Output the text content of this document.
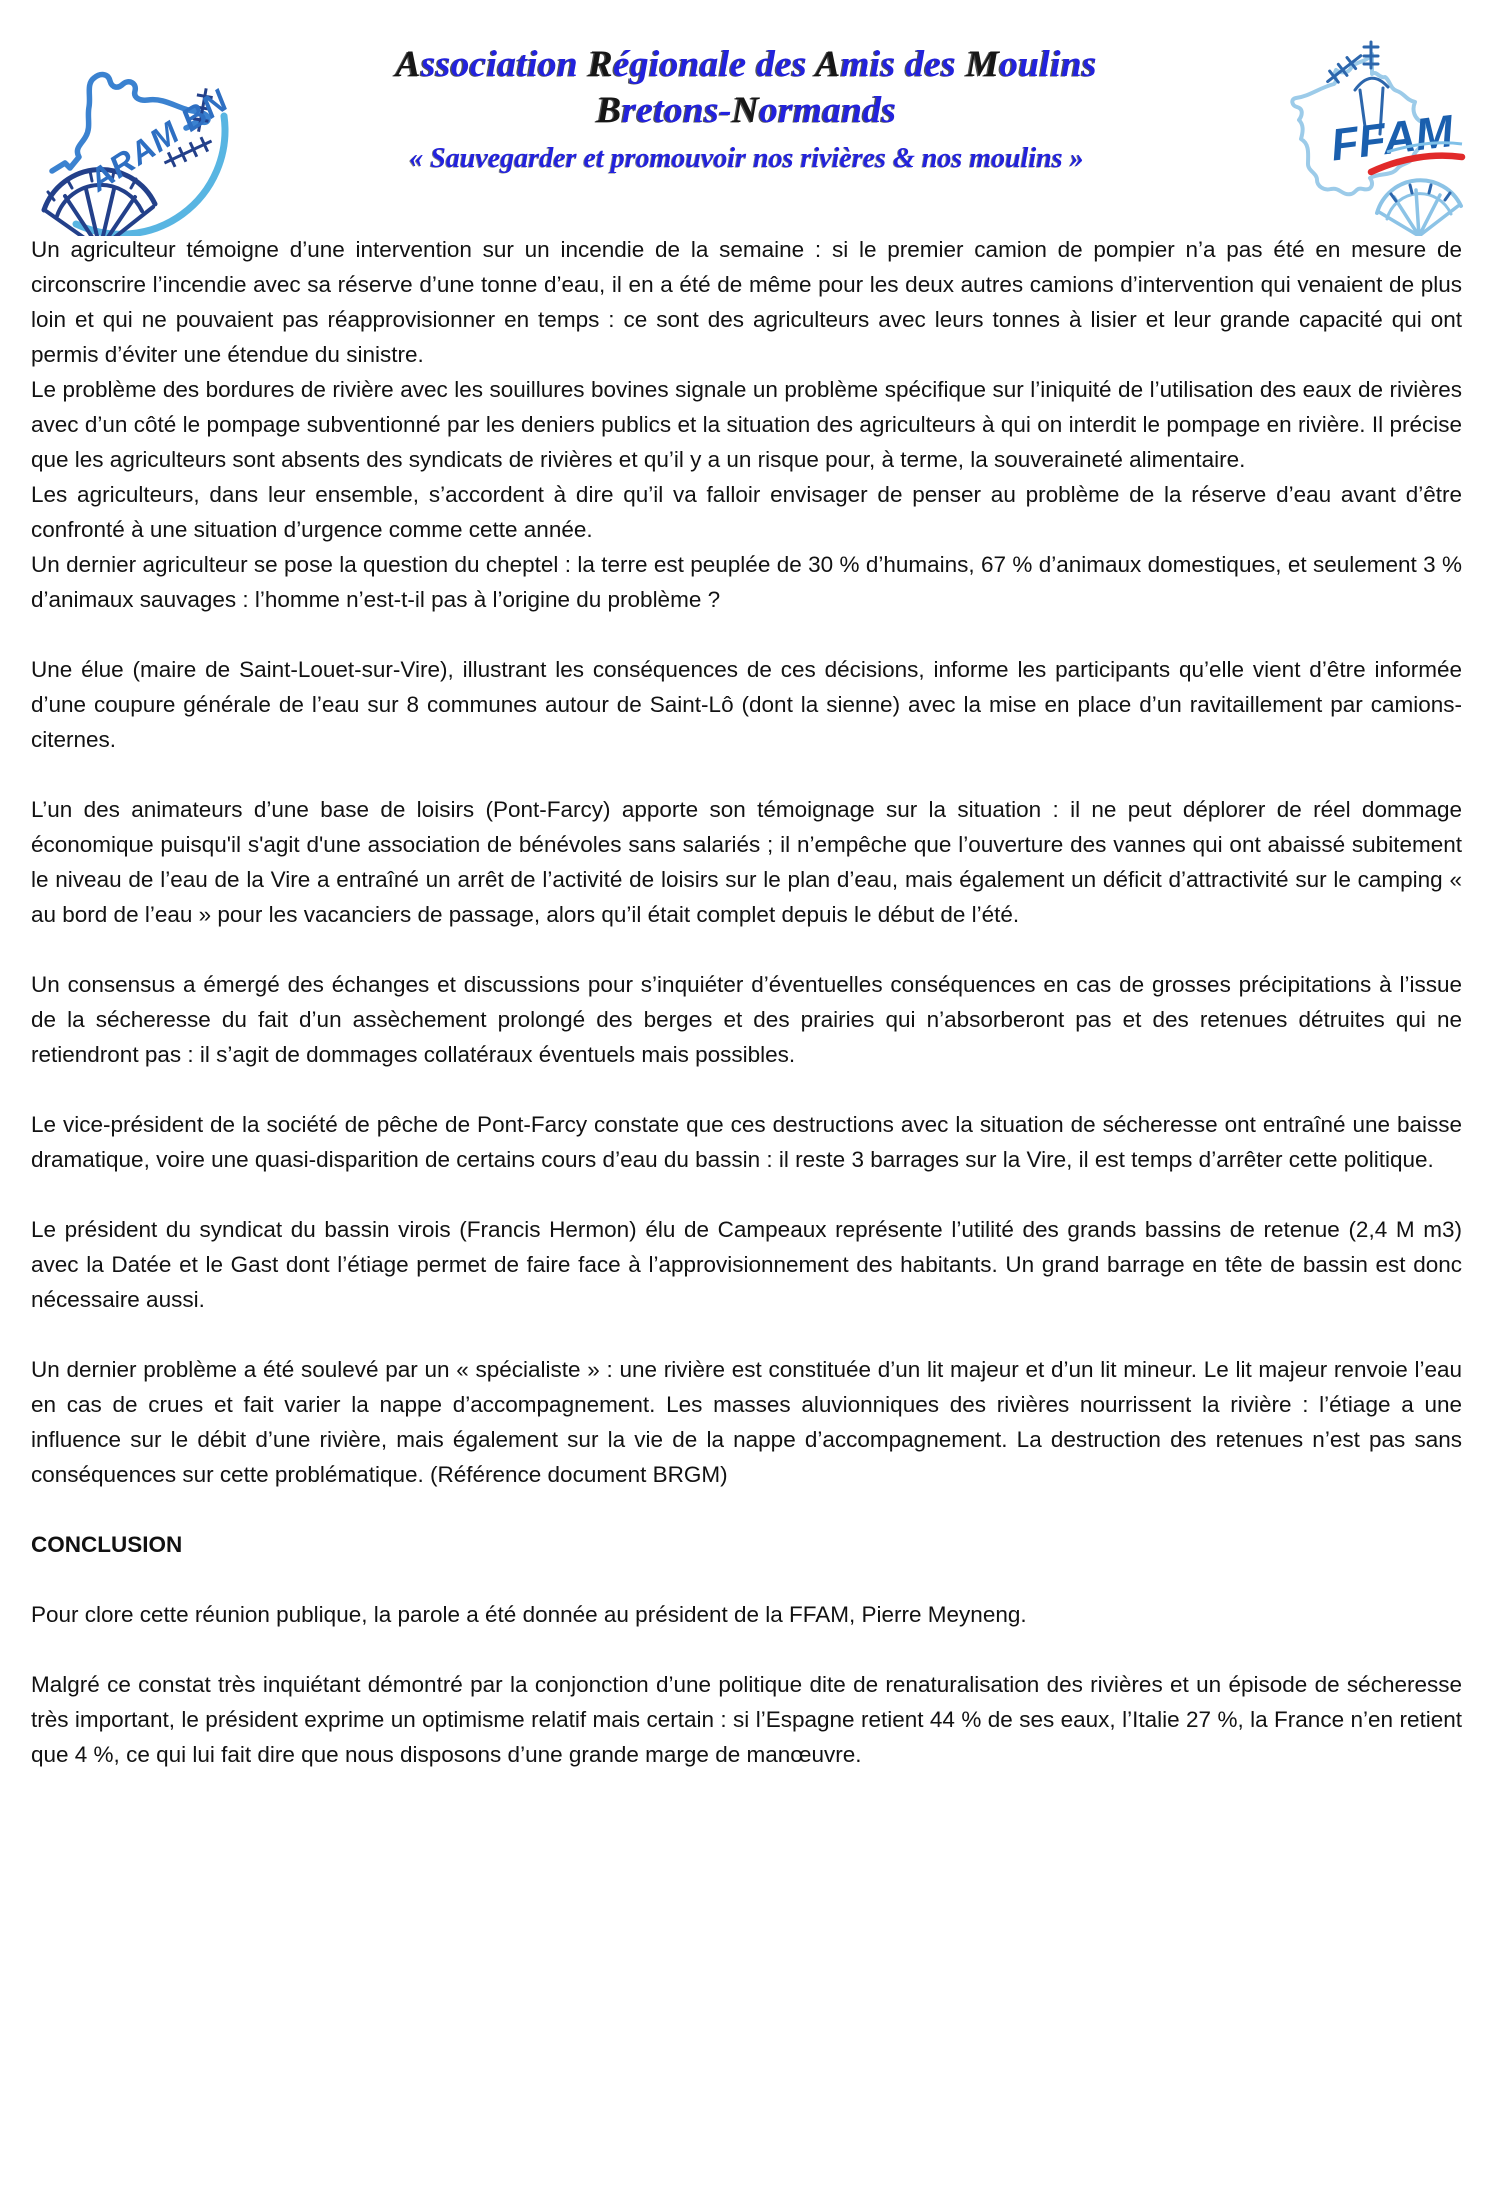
ARAM BN
Association Régionale des Amis des Moulins
Bretons-Normands
« Sauvegarder et promouvoir nos rivières & nos moulins »	FFAM

Un agriculteur témoigne d’une intervention sur un incendie de la semaine : si le premier camion de pompier n’a pas été en mesure de circonscrire l’incendie avec sa réserve d’une tonne d’eau, il en a été de même pour les deux autres camions d’intervention qui venaient de plus loin et qui ne pouvaient pas réapprovisionner en temps : ce sont des agriculteurs avec leurs tonnes à lisier et leur grande capacité qui ont permis d’éviter une étendue du sinistre.

Le problème des bordures de rivière avec les souillures bovines signale un problème spécifique sur l’iniquité de l’utilisation des eaux de rivières avec d’un côté le pompage subventionné par les deniers publics et la situation des agriculteurs à qui on interdit le pompage en rivière. Il précise que les agriculteurs sont absents des syndicats de rivières et qu’il y a un risque pour, à terme, la souveraineté alimentaire.

Les agriculteurs, dans leur ensemble, s’accordent à dire qu’il va falloir envisager de penser au problème de la réserve d’eau avant d’être confronté à une situation d’urgence comme cette année.

Un dernier agriculteur se pose la question du cheptel : la terre est peuplée de 30 % d’humains, 67 % d’animaux domestiques, et seulement 3 % d’animaux sauvages : l’homme n’est-t-il pas à l’origine du problème ?

Une élue (maire de Saint-Louet-sur-Vire), illustrant les conséquences de ces décisions, informe les participants qu’elle vient d’être informée d’une coupure générale de l’eau sur 8 communes autour de Saint-Lô (dont la sienne) avec la mise en place d’un ravitaillement par camions-citernes.

L’un des animateurs d’une base de loisirs (Pont-Farcy) apporte son témoignage sur la situation : il ne peut déplorer de réel dommage économique puisqu'il s'agit d'une association de bénévoles sans salariés ; il n’empêche que l’ouverture des vannes qui ont abaissé subitement le niveau de l’eau de la Vire a entraîné un arrêt de l’activité de loisirs sur le plan d’eau, mais également un déficit d’attractivité sur le camping « au bord de l’eau » pour les vacanciers de passage, alors qu’il était complet depuis le début de l’été.

Un consensus a émergé des échanges et discussions pour s’inquiéter d’éventuelles conséquences en cas de grosses précipitations à l’issue de la sécheresse du fait d’un assèchement prolongé des berges et des prairies qui n’absorberont pas et des retenues détruites qui ne retiendront pas : il s’agit de dommages collatéraux éventuels mais possibles.

Le vice-président de la société de pêche de Pont-Farcy constate que ces destructions avec la situation de sécheresse ont entraîné une baisse dramatique, voire une quasi-disparition de certains cours d’eau du bassin : il reste 3 barrages sur la Vire, il est temps d’arrêter cette politique.

Le président du syndicat du bassin virois (Francis Hermon) élu de Campeaux représente l’utilité des grands bassins de retenue (2,4 M m3) avec la Datée et le Gast dont l’étiage permet de faire face à l’approvisionnement des habitants. Un grand barrage en tête de bassin est donc nécessaire aussi.

Un dernier problème a été soulevé par un « spécialiste » : une rivière est constituée d’un lit majeur et d’un lit mineur. Le lit majeur renvoie l’eau en cas de crues et fait varier la nappe d’accompagnement. Les masses aluvionniques des rivières nourrissent la rivière : l’étiage a une influence sur le débit d’une rivière, mais également sur la vie de la nappe d’accompagnement. La destruction des retenues n’est pas sans conséquences sur cette problématique. (Référence document BRGM)

CONCLUSION

Pour clore cette réunion publique, la parole a été donnée au président de la FFAM, Pierre Meyneng.

Malgré ce constat très inquiétant démontré par la conjonction d’une politique dite de renaturalisation des rivières et un épisode de sécheresse très important, le président exprime un optimisme relatif mais certain : si l’Espagne retient 44 % de ses eaux, l’Italie 27 %, la France n’en retient que 4 %, ce qui lui fait dire que nous disposons d’une grande marge de manœuvre.
